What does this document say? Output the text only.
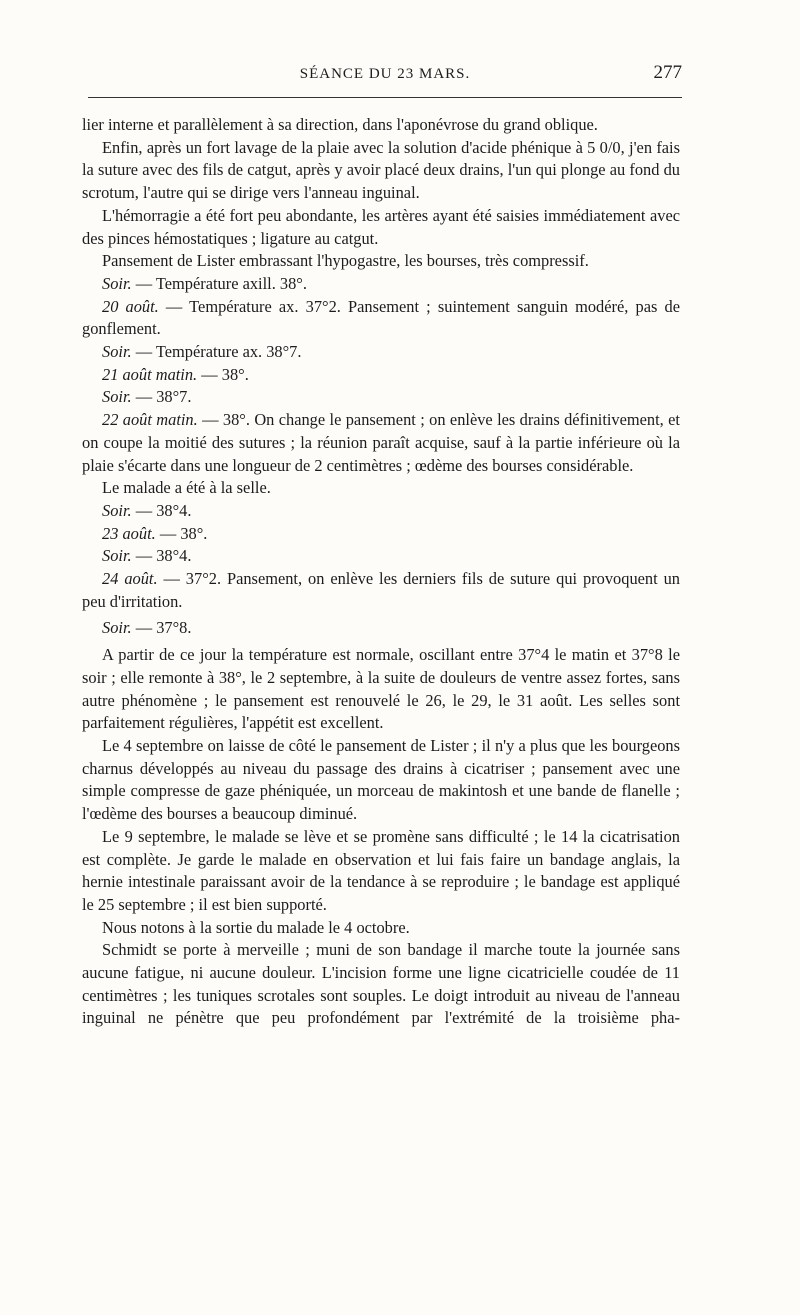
SÉANCE DU 23 MARS.	277

lier interne et parallèlement à sa direction, dans l'aponévrose du grand oblique.

Enfin, après un fort lavage de la plaie avec la solution d'acide phénique à 5 0/0, j'en fais la suture avec des fils de catgut, après y avoir placé deux drains, l'un qui plonge au fond du scrotum, l'autre qui se dirige vers l'anneau inguinal.

L'hémorragie a été fort peu abondante, les artères ayant été saisies immédiatement avec des pinces hémostatiques ; ligature au catgut.

Pansement de Lister embrassant l'hypogastre, les bourses, très compressif.

Soir. — Température axill. 38°.

20 août. — Température ax. 37°2. Pansement ; suintement sanguin modéré, pas de gonflement.

Soir. — Température ax. 38°7.

21 août matin. — 38°.

Soir. — 38°7.

22 août matin. — 38°. On change le pansement ; on enlève les drains définitivement, et on coupe la moitié des sutures ; la réunion paraît acquise, sauf à la partie inférieure où la plaie s'écarte dans une longueur de 2 centimètres ; œdème des bourses considérable.

Le malade a été à la selle.

Soir. — 38°4.

23 août. — 38°.

Soir. — 38°4.

24 août. — 37°2. Pansement, on enlève les derniers fils de suture qui provoquent un peu d'irritation.

Soir. — 37°8.

A partir de ce jour la température est normale, oscillant entre 37°4 le matin et 37°8 le soir ; elle remonte à 38°, le 2 septembre, à la suite de douleurs de ventre assez fortes, sans autre phénomène ; le pansement est renouvelé le 26, le 29, le 31 août. Les selles sont parfaitement régulières, l'appétit est excellent.

Le 4 septembre on laisse de côté le pansement de Lister ; il n'y a plus que les bourgeons charnus développés au niveau du passage des drains à cicatriser ; pansement avec une simple compresse de gaze phéniquée, un morceau de makintosh et une bande de flanelle ; l'œdème des bourses a beaucoup diminué.

Le 9 septembre, le malade se lève et se promène sans difficulté ; le 14 la cicatrisation est complète. Je garde le malade en observation et lui fais faire un bandage anglais, la hernie intestinale paraissant avoir de la tendance à se reproduire ; le bandage est appliqué le 25 septembre ; il est bien supporté.

Nous notons à la sortie du malade le 4 octobre.

Schmidt se porte à merveille ; muni de son bandage il marche toute la journée sans aucune fatigue, ni aucune douleur. L'incision forme une ligne cicatricielle coudée de 11 centimètres ; les tuniques scrotales sont souples. Le doigt introduit au niveau de l'anneau inguinal ne pénètre que peu profondément par l'extrémité de la troisième pha-
